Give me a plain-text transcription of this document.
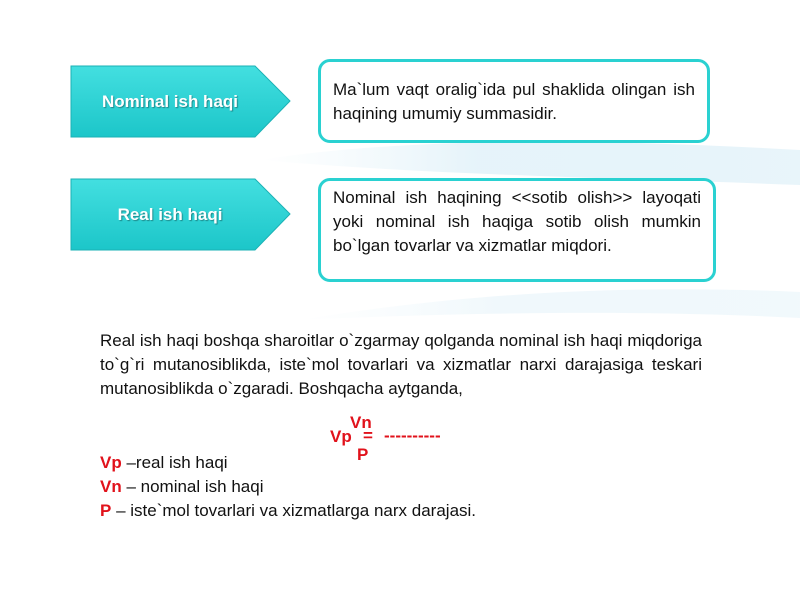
Nominal ish haqi
Ma`lum vaqt oralig`ida pul shaklida olingan ish haqining umumiy summasidir.
Real ish haqi
Nominal ish haqining <<sotib olish>> layoqati yoki nominal ish haqiga sotib olish mumkin bo`lgan tovarlar va xizmatlar miqdori.
Real ish haqi boshqa sharoitlar o`zgarmay qolganda nominal ish haqi miqdoriga to`g`ri mutanosiblikda, iste`mol tovarlari va xizmatlar narxi darajasiga teskari mutanosiblikda o`zgaradi. Boshqacha aytganda,
Vp
Vn
= ----------
P
Vp –real ish haqi
Vn – nominal ish haqi
P – iste`mol tovarlari va xizmatlarga narx darajasi.
